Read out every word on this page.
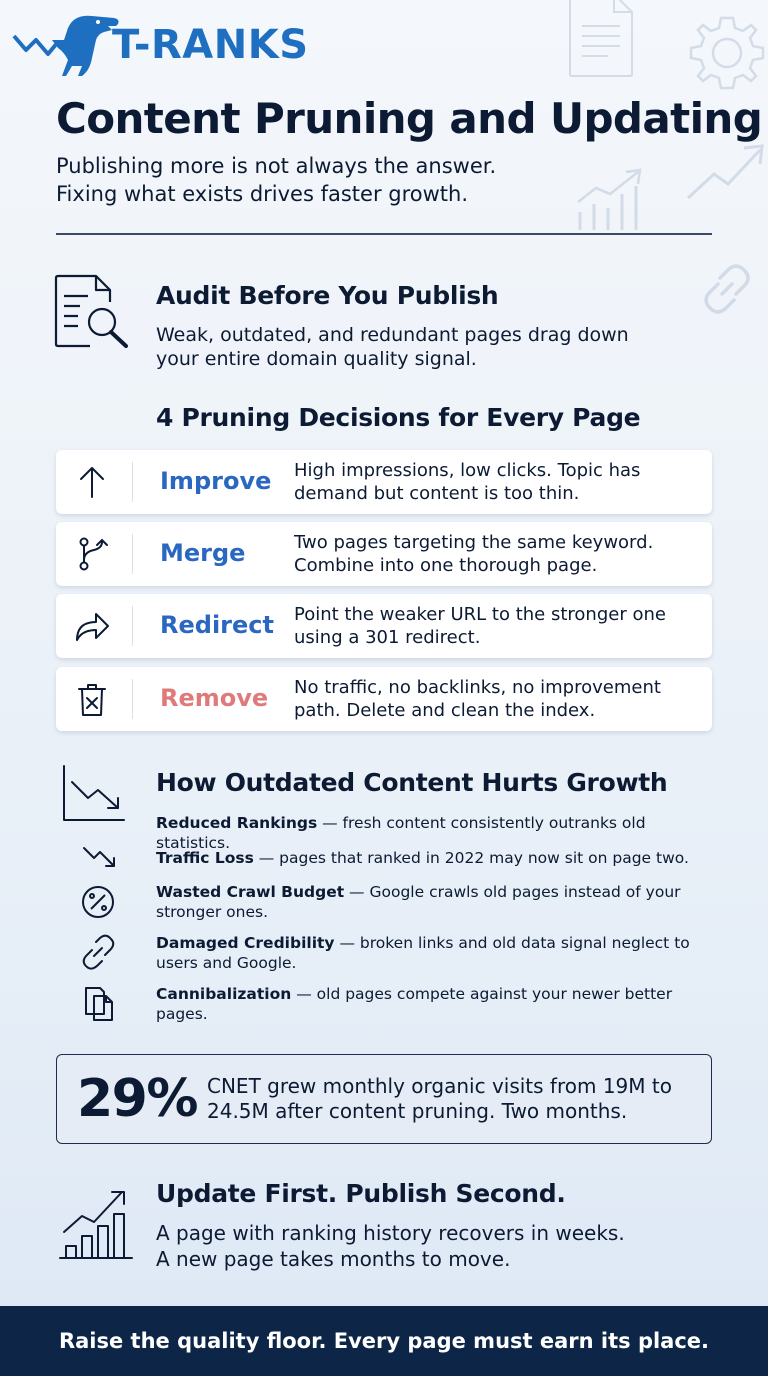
T-RANKS
Content Pruning and Updating
Publishing more is not always the answer.
Fixing what exists drives faster growth.
Audit Before You Publish
Weak, outdated, and redundant pages drag down your entire domain quality signal.
4 Pruning Decisions for Every Page
Improve High impressions, low clicks. Topic has demand but content is too thin.
Merge	Two pages targeting the same keyword. Combine into one thorough page.
Redirect Point the weaker URL to the stronger one using a 301 redirect.
Remove No traffic, no backlinks, no improvement path. Delete and clean the index.
How Outdated Content Hurts Growth
Reduced Rankings — fresh content consistently outranks old statistics.
Traffic Loss — pages that ranked in 2022 may now sit on page two.
Wasted Crawl Budget — Google crawls old pages instead of your stronger ones.
Damaged Credibility — broken links and old data signal neglect to users and Google.
Cannibalization — old pages compete against your newer better pages.
29% CNET grew monthly organic visits from 19M to 24.5M after content pruning. Two months.
Update First. Publish Second.
A page with ranking history recovers in weeks.
A new page takes months to move.
Raise the quality floor. Every page must earn its place.
